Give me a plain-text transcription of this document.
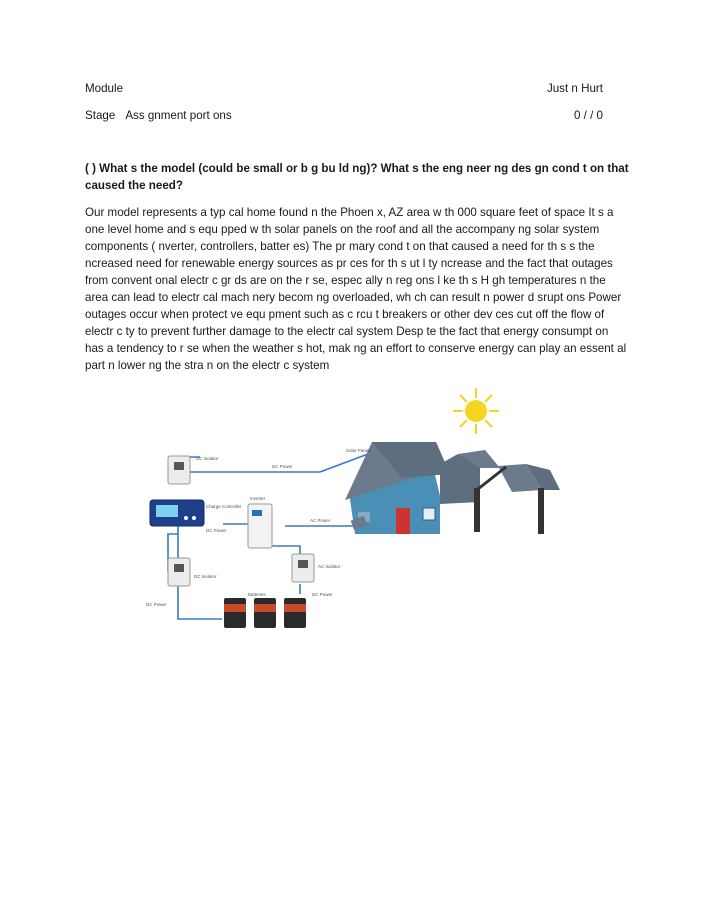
Module	Just n Hurt
Stage Ass gnment port ons	0 / / 0
( ) What s the model (could be small or b g bu ld ng)? What s the eng neer ng des gn cond t on that caused the need?
Our model represents a typ cal home found n the Phoen x, AZ area w th 000 square feet of space It s a one level home and s equ pped w th solar panels on the roof and all the accompany ng solar system components ( nverter, controllers, batter es) The pr mary cond t on that caused a need for th s s the ncreased need for renewable energy sources as pr ces for th s ut l ty ncrease and the fact that outages from convent onal electr c gr ds are on the r se, espec ally n reg ons l ke th s H gh temperatures n the area can lead to electr cal mach nery becom ng overloaded, wh ch can result n power d srupt ons Power outages occur when protect ve equ pment such as c rcu t breakers or other dev ces cut off the flow of electr c ty to prevent further damage to the electr cal system Desp te the fact that energy consumpt on has a tendency to r se when the weather s hot, mak ng an effort to conserve energy can play an essent al part n lower ng the stra n on the electr c system
DC Isolator
DC Power
Solar Panels
Charge Controller
Inverter
AC Power
DC Power
DC Isolator
AC Isolator
Batteries	DC Power
DC Power
